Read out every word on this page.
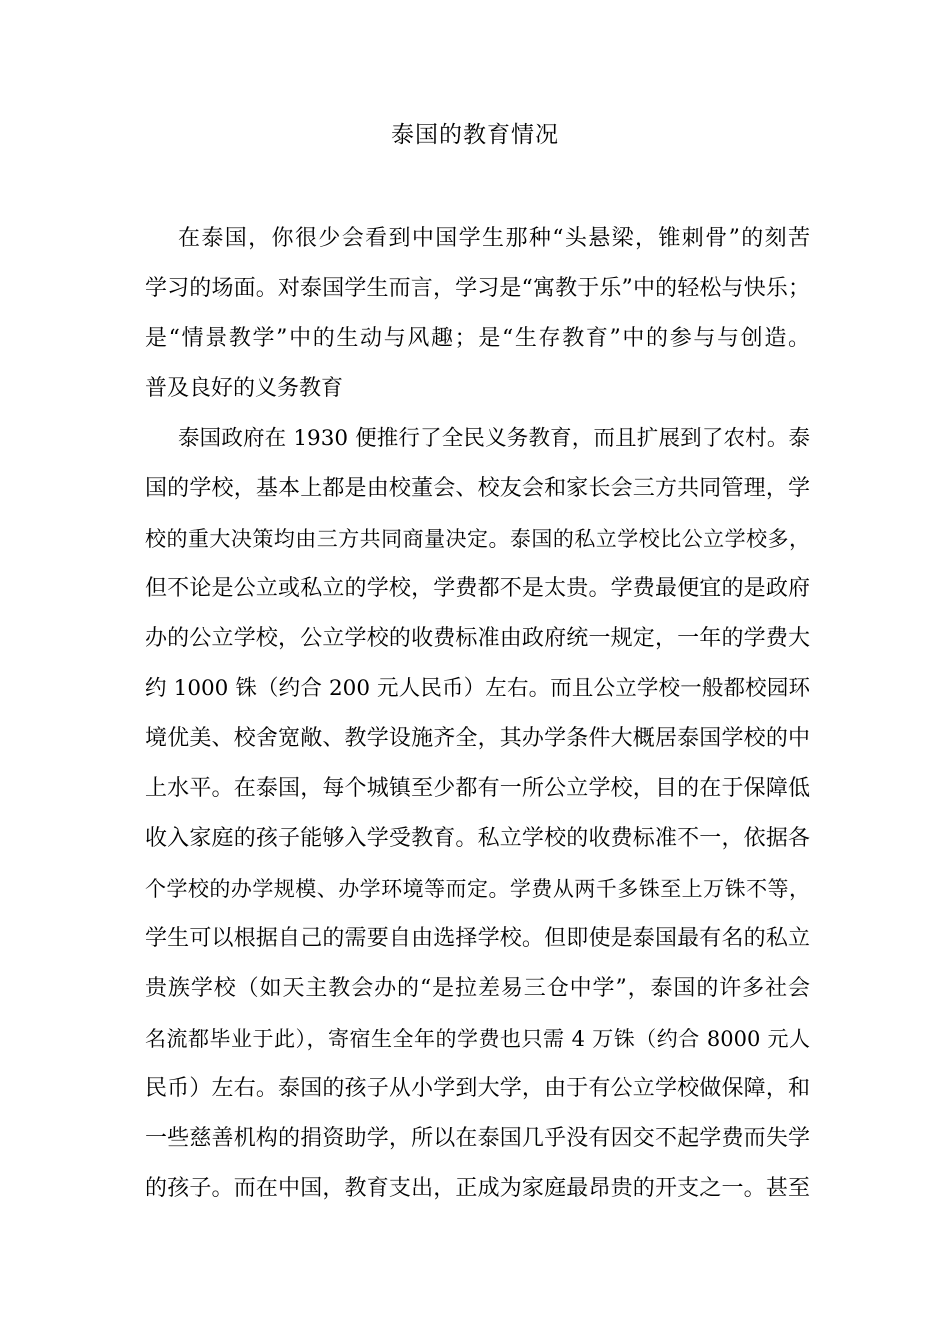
泰国的教育情况
在泰国，你很少会看到中国学生那种“头悬梁，锥刺骨”的刻苦
学习的场面。对泰国学生而言，学习是“寓教于乐”中的轻松与快乐；
是“情景教学”中的生动与风趣；是“生存教育”中的参与与创造。
普及良好的义务教育
泰国政府在 1930 便推行了全民义务教育，而且扩展到了农村。泰
国的学校，基本上都是由校董会、校友会和家长会三方共同管理，学
校的重大决策均由三方共同商量决定。泰国的私立学校比公立学校多，
但不论是公立或私立的学校，学费都不是太贵。学费最便宜的是政府
办的公立学校，公立学校的收费标准由政府统一规定，一年的学费大
约 1000 铢（约合 200 元人民币）左右。而且公立学校一般都校园环
境优美、校舍宽敞、教学设施齐全，其办学条件大概居泰国学校的中
上水平。在泰国，每个城镇至少都有一所公立学校，目的在于保障低
收入家庭的孩子能够入学受教育。私立学校的收费标准不一，依据各
个学校的办学规模、办学环境等而定。学费从两千多铢至上万铢不等，
学生可以根据自己的需要自由选择学校。但即使是泰国最有名的私立
贵族学校（如天主教会办的“是拉差易三仓中学”，泰国的许多社会
名流都毕业于此），寄宿生全年的学费也只需 4 万铢（约合 8000 元人
民币）左右。泰国的孩子从小学到大学，由于有公立学校做保障，和
一些慈善机构的捐资助学，所以在泰国几乎没有因交不起学费而失学
的孩子。而在中国，教育支出，正成为家庭最昂贵的开支之一。甚至
